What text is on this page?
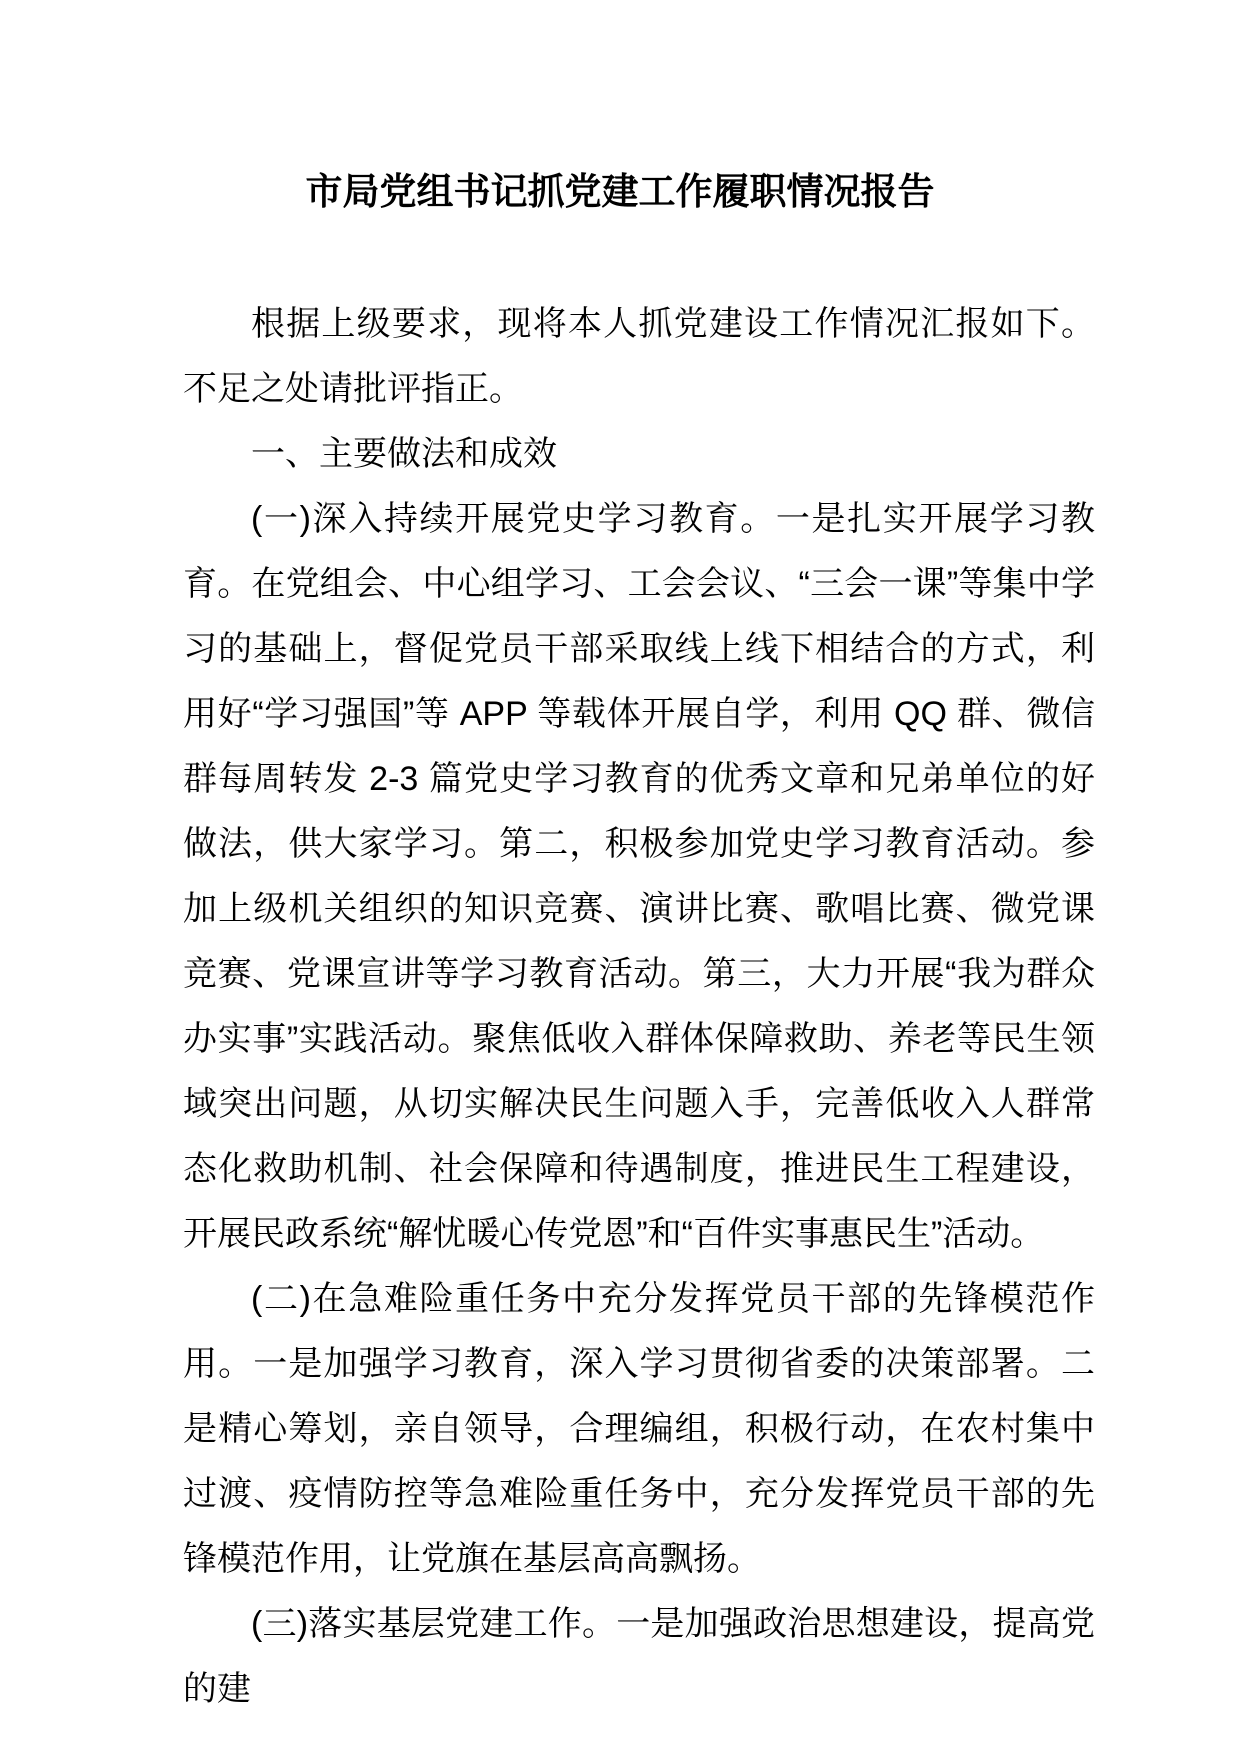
市局党组书记抓党建工作履职情况报告

根据上级要求，现将本人抓党建设工作情况汇报如下。不足之处请批评指正。

一、主要做法和成效

(一)深入持续开展党史学习教育。一是扎实开展学习教育。在党组会、中心组学习、工会会议、“三会一课”等集中学习的基础上，督促党员干部采取线上线下相结合的方式，利用好“学习强国”等 APP 等载体开展自学，利用 QQ 群、微信群每周转发 2-3 篇党史学习教育的优秀文章和兄弟单位的好做法，供大家学习。第二，积极参加党史学习教育活动。参加上级机关组织的知识竞赛、演讲比赛、歌唱比赛、微党课竞赛、党课宣讲等学习教育活动。第三，大力开展“我为群众办实事”实践活动。聚焦低收入群体保障救助、养老等民生领域突出问题，从切实解决民生问题入手，完善低收入人群常态化救助机制、社会保障和待遇制度，推进民生工程建设，开展民政系统“解忧暖心传党恩”和“百件实事惠民生”活动。

(二)在急难险重任务中充分发挥党员干部的先锋模范作用。一是加强学习教育，深入学习贯彻省委的决策部署。二是精心筹划，亲自领导，合理编组，积极行动，在农村集中过渡、疫情防控等急难险重任务中，充分发挥党员干部的先锋模范作用，让党旗在基层高高飘扬。

(三)落实基层党建工作。一是加强政治思想建设，提高党的建
